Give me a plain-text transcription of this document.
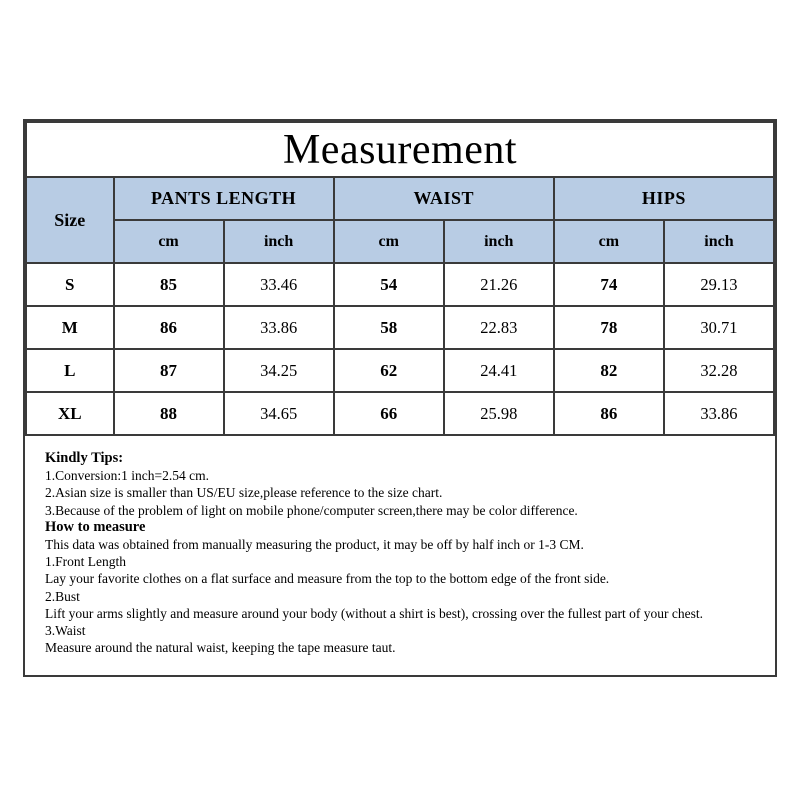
Measurement						
Size	PANTS LENGTH		WAIST		HIPS	
	cm	inch	cm	inch	cm	inch
S	85	33.46	54	21.26	74	29.13
M	86	33.86	58	22.83	78	30.71
L	87	34.25	62	24.41	82	32.28
XL	88	34.65	66	25.98	86	33.86
Kindly Tips:
1.Conversion:1 inch=2.54 cm.
2.Asian size is smaller than US/EU size,please reference to the size chart.
3.Because of the problem of light on mobile phone/computer screen,there may be color difference.
How to measure
This data was obtained from manually measuring the product, it may be off by half inch or 1-3 CM.
1.Front Length
Lay your favorite clothes on a flat surface and measure from the top to the bottom edge of the front side.
2.Bust
Lift your arms slightly and measure around your body (without a shirt is best), crossing over the fullest part of your chest.
3.Waist
Measure around the natural waist, keeping the tape measure taut.
